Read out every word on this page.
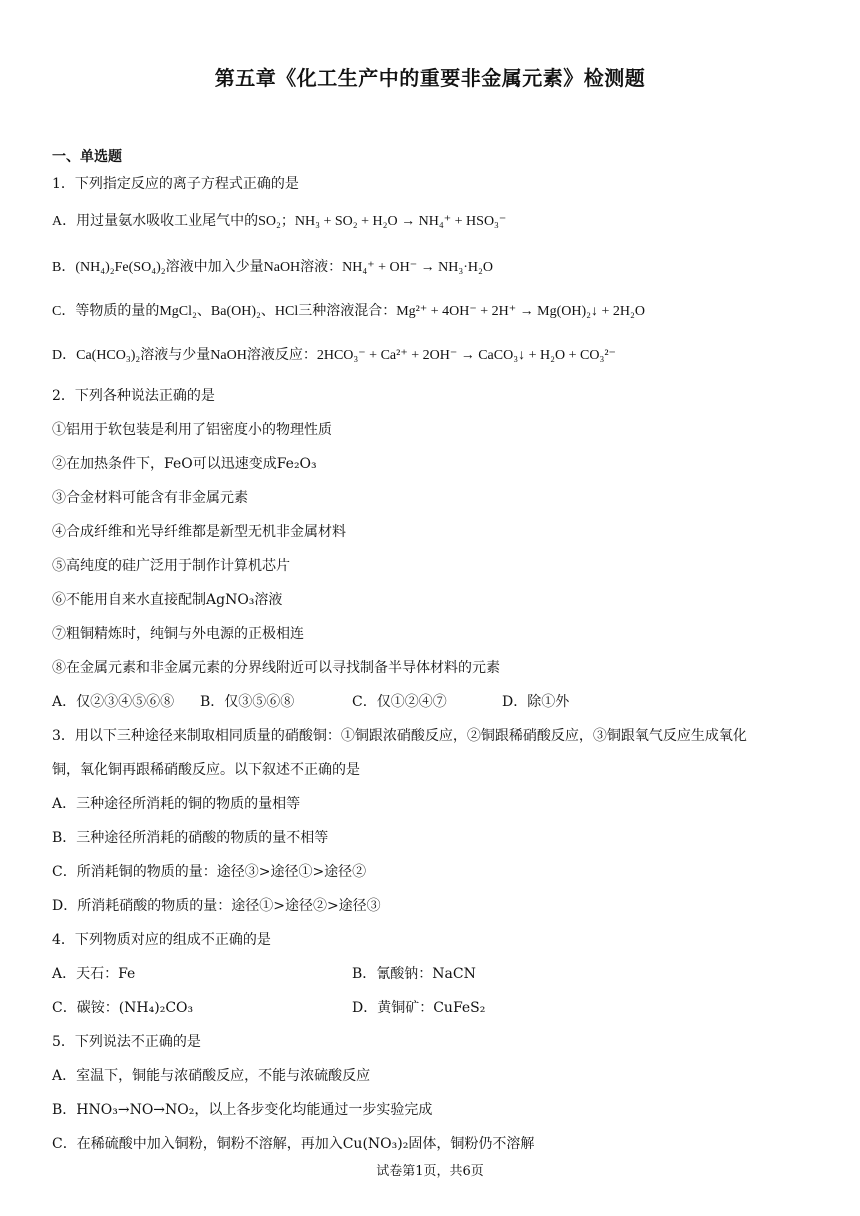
第五章《化工生产中的重要非金属元素》检测题
一、单选题
1．下列指定反应的离子方程式正确的是
A．用过量氨水吸收工业尾气中的SO₂；NH₃ + SO₂ + H₂O → NH₄⁺ + HSO₃⁻
B．(NH₄)₂Fe(SO₄)₂溶液中加入少量NaOH溶液：NH₄⁺ + OH⁻ → NH₃·H₂O
C．等物质的量的MgCl₂、Ba(OH)₂、HCl三种溶液混合：Mg²⁺ + 4OH⁻ + 2H⁺ → Mg(OH)₂↓ + 2H₂O
D．Ca(HCO₃)₂溶液与少量NaOH溶液反应：2HCO₃⁻ + Ca²⁺ + 2OH⁻ → CaCO₃↓ + H₂O + CO₃²⁻
2．下列各种说法正确的是
①铝用于软包装是利用了铝密度小的物理性质
②在加热条件下，FeO可以迅速变成Fe₂O₃
③合金材料可能含有非金属元素
④合成纤维和光导纤维都是新型无机非金属材料
⑤高纯度的硅广泛用于制作计算机芯片
⑥不能用自来水直接配制AgNO₃溶液
⑦粗铜精炼时，纯铜与外电源的正极相连
⑧在金属元素和非金属元素的分界线附近可以寻找制备半导体材料的元素
A．仅②③④⑤⑥⑧ B．仅③⑤⑥⑧	C．仅①②④⑦	D．除①外
3．用以下三种途径来制取相同质量的硝酸铜：①铜跟浓硝酸反应，②铜跟稀硝酸反应，③铜跟氧气反应生成氧化
铜，氧化铜再跟稀硝酸反应。以下叙述不正确的是
A．三种途径所消耗的铜的物质的量相等
B．三种途径所消耗的硝酸的物质的量不相等
C．所消耗铜的物质的量：途径③>途径①>途径②
D．所消耗硝酸的物质的量：途径①>途径②>途径③
4．下列物质对应的组成不正确的是
A．天石：Fe	B．氰酸钠：NaCN
C．碳铵：(NH₄)₂CO₃	D．黄铜矿：CuFeS₂
5．下列说法不正确的是
A．室温下，铜能与浓硝酸反应，不能与浓硫酸反应
B．HNO₃→NO→NO₂，以上各步变化均能通过一步实验完成
C．在稀硫酸中加入铜粉，铜粉不溶解，再加入Cu(NO₃)₂固体，铜粉仍不溶解
试卷第1页，共6页
